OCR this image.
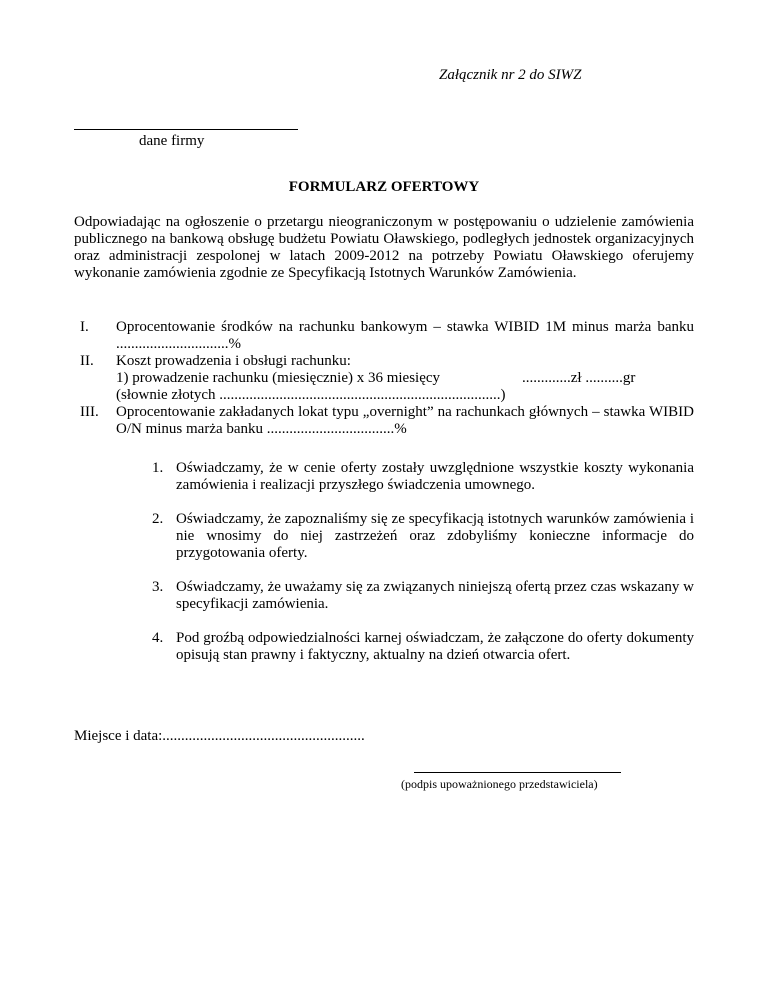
Załącznik nr 2 do SIWZ
dane firmy
FORMULARZ OFERTOWY
Odpowiadając na ogłoszenie o przetargu nieograniczonym w postępowaniu o udzielenie zamówienia publicznego na bankową obsługę budżetu Powiatu Oławskiego, podległych jednostek organizacyjnych oraz administracji zespolonej w latach 2009-2012 na potrzeby Powiatu Oławskiego oferujemy wykonanie zamówienia zgodnie ze Specyfikacją Istotnych Warunków Zamówienia.
I. Oprocentowanie środków na rachunku bankowym – stawka WIBID 1M minus marża banku ..............................%
II. Koszt prowadzenia i obsługi rachunku:
1) prowadzenie rachunku (miesięcznie) x 36 miesięcy
(słownie złotych ...........................................................................)
.............zł ..........gr
III. Oprocentowanie zakładanych lokat typu „overnight” na rachunkach głównych – stawka WIBID O/N minus marża banku ..................................%
1. Oświadczamy, że w cenie oferty zostały uwzględnione wszystkie koszty wykonania zamówienia i realizacji przyszłego świadczenia umownego.
2. Oświadczamy, że zapoznaliśmy się ze specyfikacją istotnych warunków zamówienia i nie wnosimy do niej zastrzeżeń oraz zdobyliśmy konieczne informacje do przygotowania oferty.
3. Oświadczamy, że uważamy się za związanych niniejszą ofertą przez czas wskazany w specyfikacji zamówienia.
4. Pod groźbą odpowiedzialności karnej oświadczam, że załączone do oferty dokumenty opisują stan prawny i faktyczny, aktualny na dzień otwarcia ofert.
Miejsce i data:......................................................
(podpis upoważnionego przedstawiciela)
